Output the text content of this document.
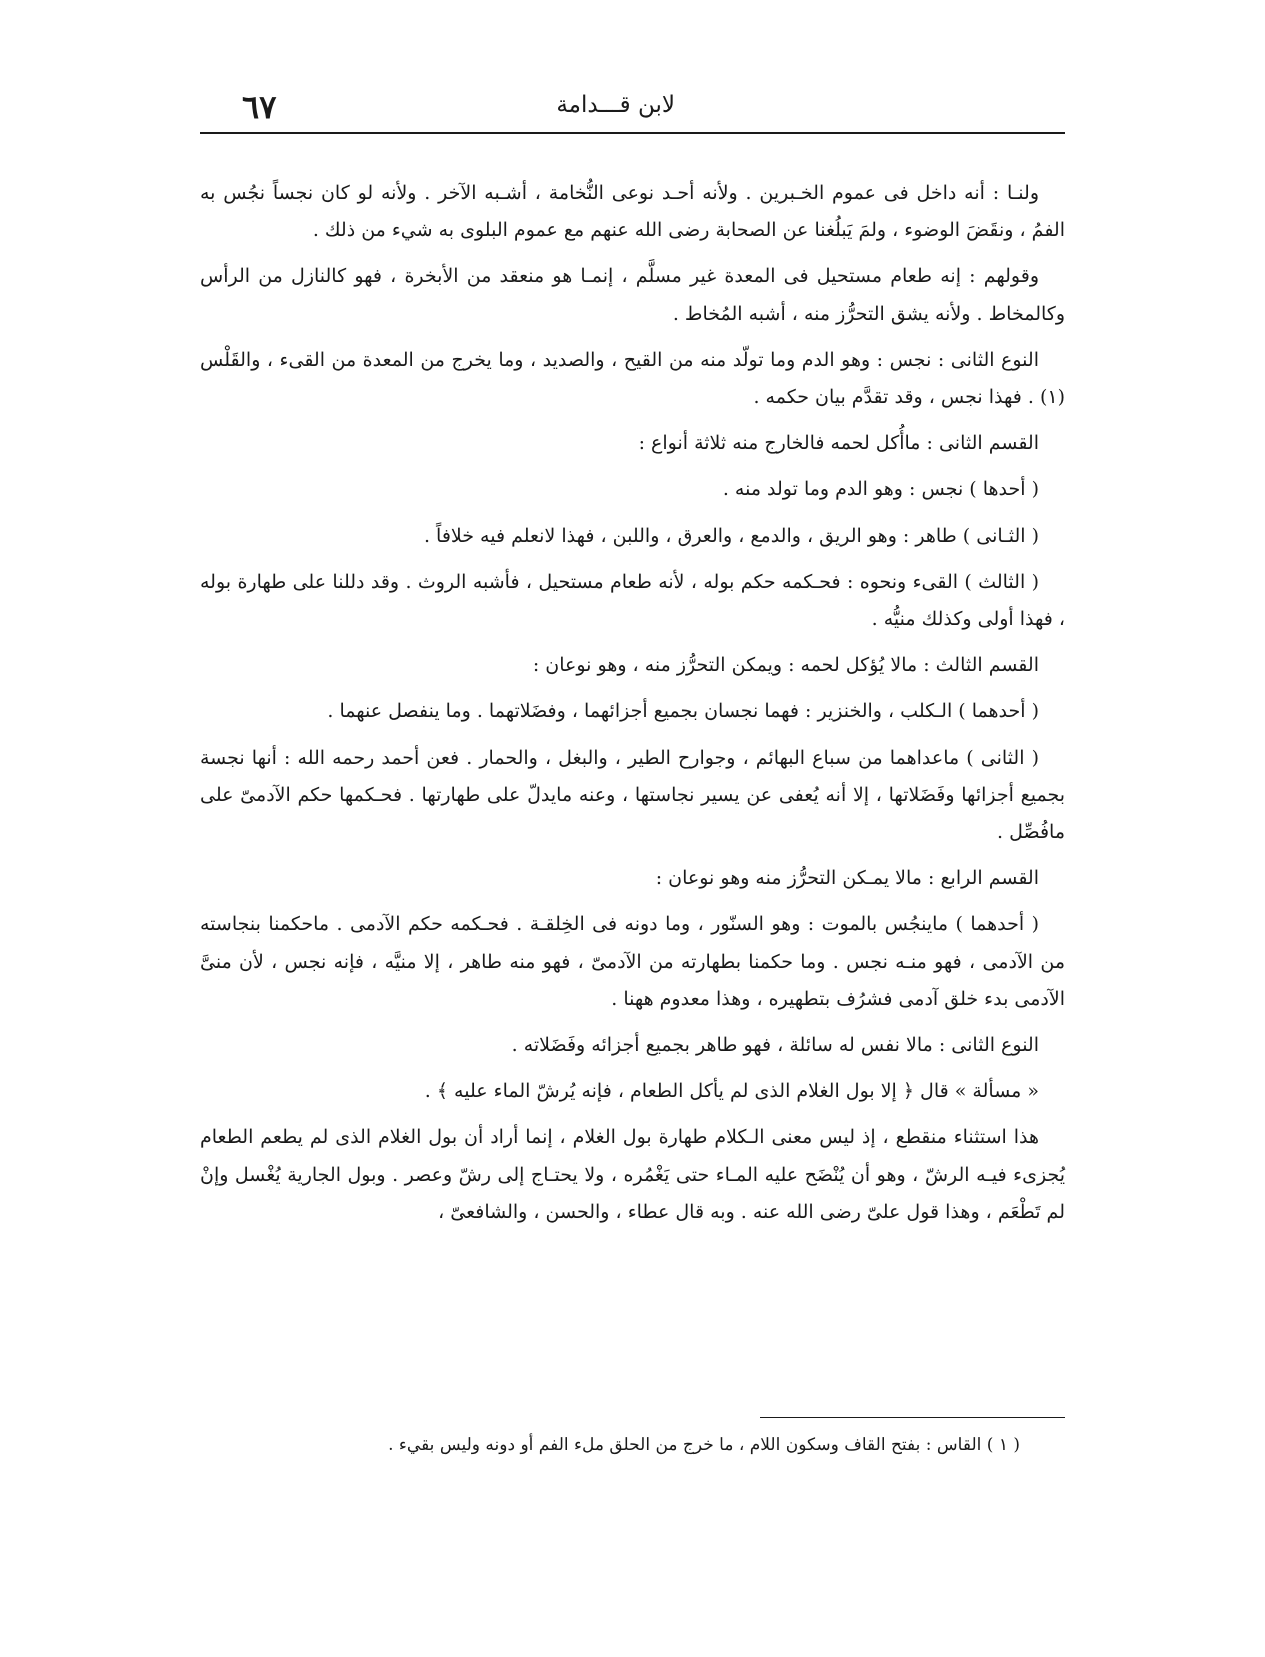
لابن قـــدامة
٦٧

ولنـا : أنه داخل فى عموم الخـبرين . ولأنه أحـد نوعى النُّخامة ، أشـبه الآخر . ولأنه لو كان نجساً نجُس به الفمُ ، ونقَضَ الوضوء ، ولمَ يَبلُغنا عن الصحابة رضى الله عنهم مع عموم البلوى به شيء من ذلك .

وقولهم : إنه طعام مستحيل فى المعدة غير مسلَّم ، إنمـا هو منعقد من الأبخرة ، فهو كالنازل من الرأس وكالمخاط . ولأنه يشق التحرُّز منه ، أشبه المُخاط .

النوع الثانى : نجس : وهو الدم وما تولّد منه من القيح ، والصديد ، وما يخرج من المعدة من القىء ، والقَلْس (١) . فهذا نجس ، وقد تقدَّم بيان حكمه .

القسم الثانى : ماأُكل لحمه فالخارج منه ثلاثة أنواع :

( أحدها ) نجس : وهو الدم وما تولد منه .

( الثـانى ) طاهر : وهو الريق ، والدمع ، والعرق ، واللبن ، فهذا لانعلم فيه خلافاً .

( الثالث ) القىء ونحوه : فحـكمه حكم بوله ، لأنه طعام مستحيل ، فأشبه الروث . وقد دللنا على طهارة بوله ، فهذا أولى وكذلك منيُّه .

القسم الثالث : مالا يُؤكل لحمه : ويمكن التحرُّز منه ، وهو نوعان :

( أحدهما ) الـكلب ، والخنزير : فهما نجسان بجميع أجزائهما ، وفضَلاتهما . وما ينفصل عنهما .

( الثانى ) ماعداهما من سباع البهائم ، وجوارح الطير ، والبغل ، والحمار . فعن أحمد رحمه الله : أنها نجسة بجميع أجزائها وفَضَلاتها ، إلا أنه يُعفى عن يسير نجاستها ، وعنه مايدلّ على طهارتها . فحـكمها حكم الآدمىّ على مافُصِّل .

القسم الرابع : مالا يمـكن التحرُّز منه وهو نوعان :

( أحدهما ) ماينجُس بالموت : وهو السنّور ، وما دونه فى الخِلقـة . فحـكمه حكم الآدمى . ماحكمنا بنجاسته من الآدمى ، فهو منـه نجس . وما حكمنا بطهارته من الآدمىّ ، فهو منه طاهر ، إلا منيَّه ، فإنه نجس ، لأن منىَّ الآدمى بدء خلق آدمى فشرُف بتطهيره ، وهذا معدوم ههنا .

النوع الثانى : مالا نفس له سائلة ، فهو طاهر بجميع أجزائه وفَضَلاته .

« مسألة » قال ﴿ إلا بول الغلام الذى لم يأكل الطعام ، فإنه يُرشّ الماء عليه ﴾ .

هذا استثناء منقطع ، إذ ليس معنى الـكلام طهارة بول الغلام ، إنما أراد أن بول الغلام الذى لم يطعم الطعام يُجزىء فيـه الرشّ ، وهو أن يُنْضَح عليه المـاء حتى يَغْمُره ، ولا يحتـاج إلى رشّ وعصر . وبول الجارية يُغْسل وإنْ لم تَطْعَم ، وهذا قول علىّ رضى الله عنه . وبه قال عطاء ، والحسن ، والشافعىّ ،

( ١ ) القاس : بفتح القاف وسكون اللام ، ما خرج من الحلق ملء الفم أو دونه وليس بقيء .
